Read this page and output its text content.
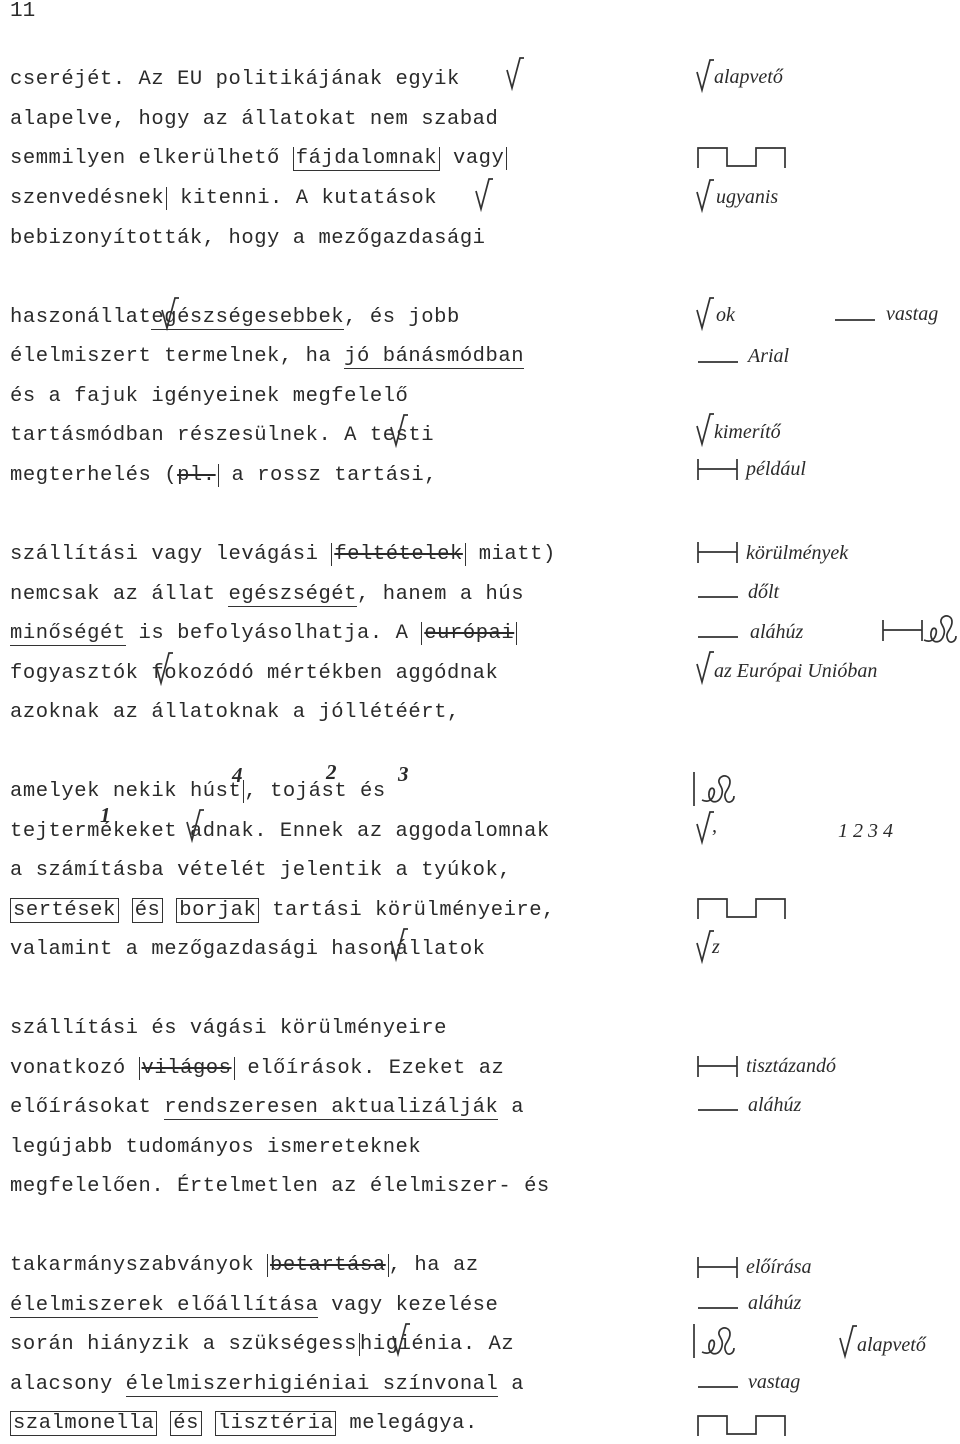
11
cseréjét. Az EU politikájának egyik
alapelve, hogy az állatokat nem szabad
semmilyen elkerülhető fájdalomnak vagy
szenvedésnek kitenni. A kutatások
bebizonyították, hogy a mezőgazdasági
haszonállategészségesebbek, és jobb
élelmiszert termelnek, ha jó bánásmódban
és a fajuk igényeinek megfelelő
tartásmódban részesülnek. A testi
megterhelés (pl. a rossz tartási,
szállítási vagy levágási feltételek miatt)
nemcsak az állat egészségét, hanem a hús
minőségét is befolyásolhatja. A európai
fogyasztók fokozódó mértékben aggódnak
azoknak az állatoknak a jóllétéért,
4	2	3
1
amelyek nekik húst , tojást és
tejtermékeket adnak. Ennek az aggodalomnak
a számításba vételét jelentik a tyúkok,
sertések és borjak tartási körülményeire,
valamint a mezőgazdasági hasonállatok
szállítási és vágási körülményeire
vonatkozó világos előírások. Ezeket az
előírásokat rendszeresen aktualizálják a
legújabb tudományos ismereteknek
megfelelően. Értelmetlen az élelmiszer- és
takarmányszabványok betartása , ha az
élelmiszerek előállítása vagy kezelése
során hiányzik a szükségess higiénia. Az
alacsony élelmiszerhigiéniai színvonal a
szalmonella és lisztéria melegágya.
alapvető
ugyanis
ok	vastag
Arial
kimerítő
például
körülmények
dőlt
aláhúz
az Európai Unióban
,	1 2 3 4
z
tisztázandó
aláhúz
előírása
aláhúz
alapvető
vastag
